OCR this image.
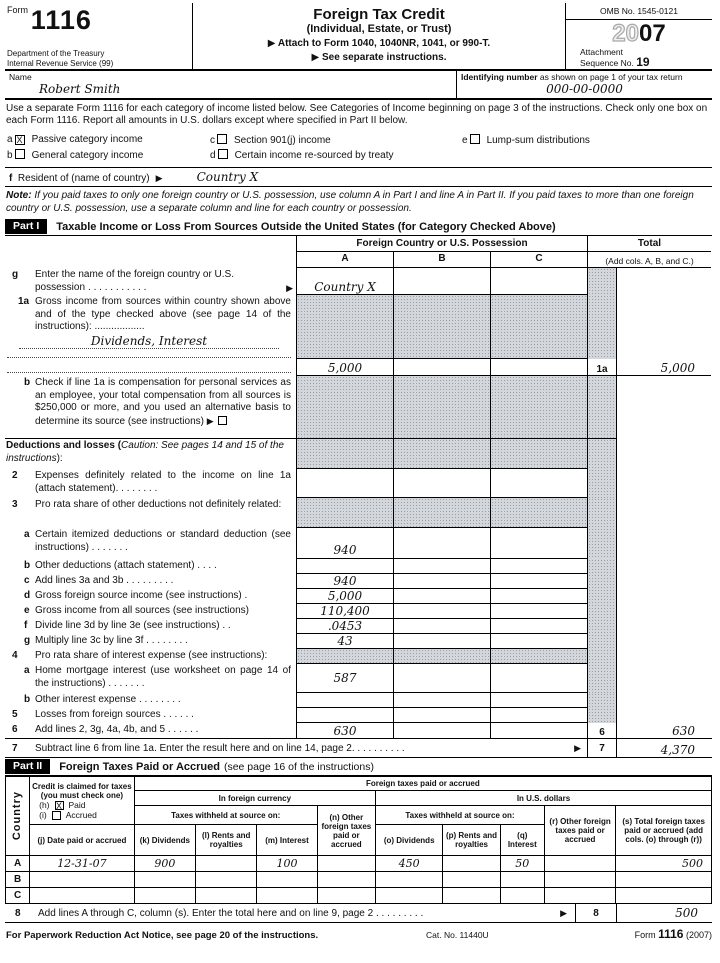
Form 1116
Department of the Treasury
Internal Revenue Service (99)
Foreign Tax Credit
(Individual, Estate, or Trust)
▶ Attach to Form 1040, 1040NR, 1041, or 990-T.
▶ See separate instructions.
OMB No. 1545-0121
2007
Attachment
Sequence No. 19
Name
Robert Smith
Identifying number as shown on page 1 of your tax return
000-00-0000
Use a separate Form 1116 for each category of income listed below. See Categories of Income beginning on page 3 of the instructions. Check only one box on each Form 1116. Report all amounts in U.S. dollars except where specified in Part II below.
a X Passive category income	c Section 901(j) income	e Lump-sum distributions
b General category income	d Certain income re-sourced by treaty
f
Resident of (name of country) ▶	Country X
Note: If you paid taxes to only one foreign country or U.S. possession, use column A in Part I and line A in Part II. If you paid taxes to more than one foreign country or U.S. possession, use a separate column and line for each country or possession.
Part I	Taxable Income or Loss From Sources Outside the United States (for Category Checked Above)
Foreign Country or U.S. Possession	Total
A	B	C	(Add cols. A, B, and C.)
g	Enter the name of the foreign country or U.S.
possession . . . . . . . . . . .	▶	Country X
1a Gross income from sources within country shown above and of the type checked above (see page 14 of the instructions): ..................
Dividends, Interest
5,000	1a	5,000
b Check if line 1a is compensation for personal services as an employee, your total compensation from all sources is $250,000 or more, and you used an alternative basis to determine its source (see instructions) ▶
Deductions and losses (Caution: See pages 14 and 15 of the instructions):
2	Expenses definitely related to the income on line 1a (attach statement). . . . . . . .
3	Pro rata share of other deductions not definitely related:
a Certain itemized deductions or standard deduction (see instructions) . . . . . . .	940
b Other deductions (attach statement) . . . .
c Add lines 3a and 3b . . . . . . . . .	940
d Gross foreign source income (see instructions) .	5,000
e Gross income from all sources (see instructions)	110,400
f Divide line 3d by line 3e (see instructions) . .	.0453
g Multiply line 3c by line 3f . . . . . . . .	43
4	Pro rata share of interest expense (see instructions):
a Home mortgage interest (use worksheet on page 14 of the instructions) . . . . . . .	587
b Other interest expense . . . . . . . .
5	Losses from foreign sources . . . . . .
6	Add lines 2, 3g, 4a, 4b, and 5 . . . . . .	630	6	630
7	Subtract line 6 from line 1a. Enter the result here and on line 14, page 2. . . . . . . . . .	▶	7	4,370
Part II	Foreign Taxes Paid or Accrued (see page 16 of the instructions)
Country

Credit is claimed for taxes (you must check one)
(h) X Paid
(i) Accrued
	Foreign taxes paid or accrued
		In foreign currency				In U.S. dollars				
		Taxes withheld at source on:			(n) Other foreign taxes paid or accrued	Taxes withheld at source on:			(r) Other foreign taxes paid or accrued	(s) Total foreign taxes paid or accrued (add cols. (o) through (r))
	(j) Date paid or accrued	(k) Dividends	(l) Rents and royalties	(m) Interest		(o) Dividends	(p) Rents and royalties	(q) Interest		
A	12-31-07	900		100		450		50		500

B										
C										
8	Add lines A through C, column (s). Enter the total here and on line 9, page 2 . . . . . . . . .	▶	8	500
For Paperwork Reduction Act Notice, see page 20 of the instructions.	Cat. No. 11440U	Form 1116 (2007)
